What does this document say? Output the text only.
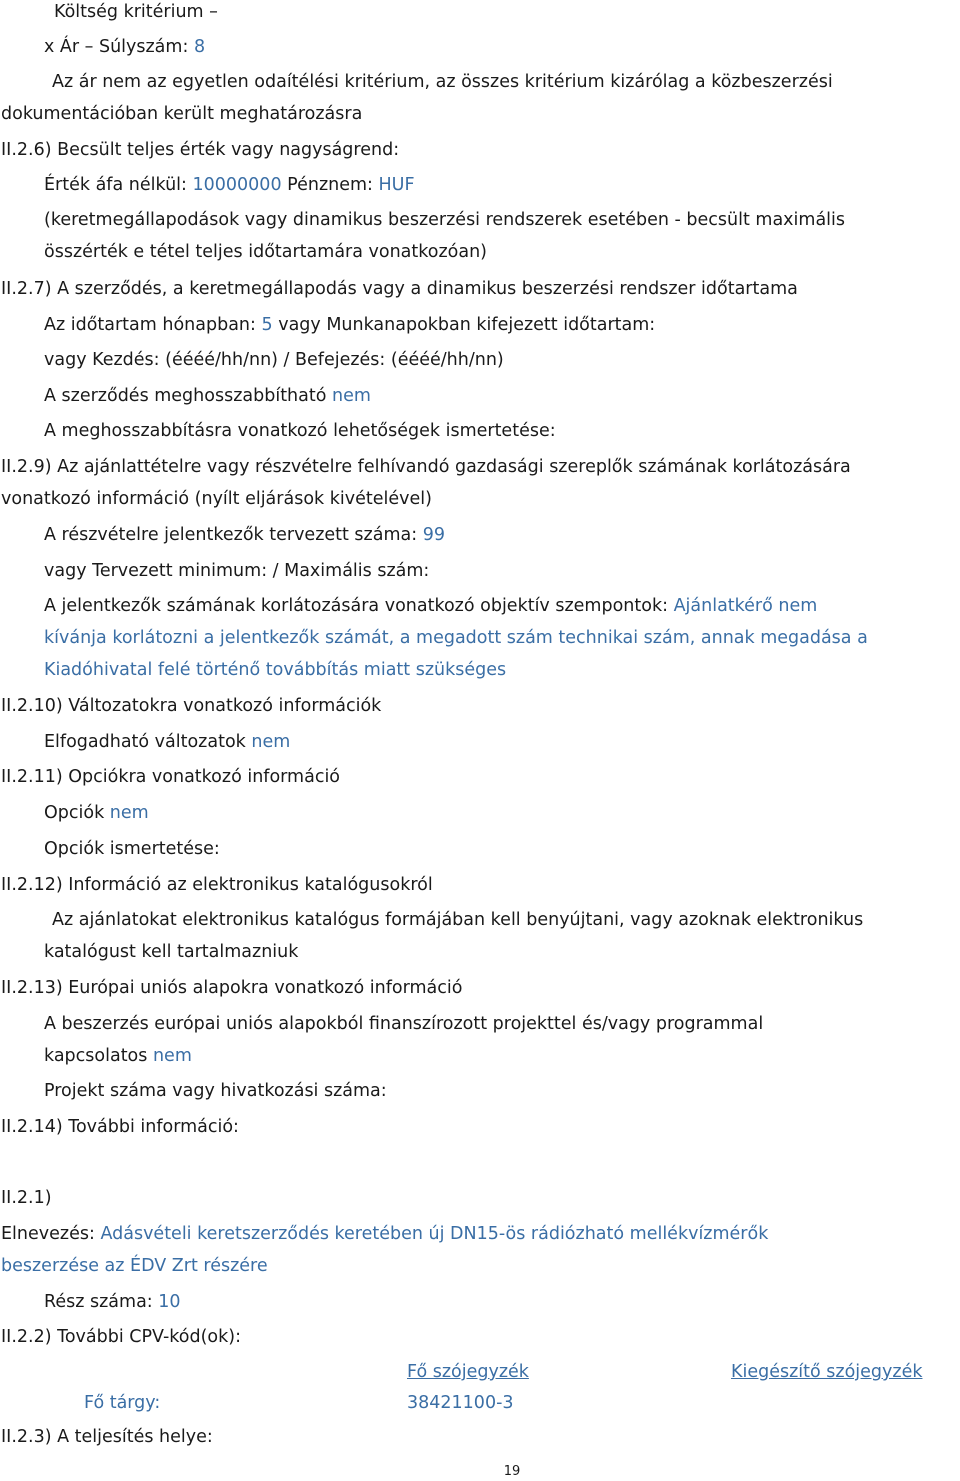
Költség kritérium –
x Ár – Súlyszám: 8
Az ár nem az egyetlen odaítélési kritérium, az összes kritérium kizárólag a közbeszerzési
dokumentációban került meghatározásra
II.2.6) Becsült teljes érték vagy nagyságrend:
Érték áfa nélkül: 10000000 Pénznem: HUF
(keretmegállapodások vagy dinamikus beszerzési rendszerek esetében - becsült maximális
összérték e tétel teljes időtartamára vonatkozóan)
II.2.7) A szerződés, a keretmegállapodás vagy a dinamikus beszerzési rendszer időtartama
Az időtartam hónapban: 5 vagy Munkanapokban kifejezett időtartam:
vagy Kezdés: (éééé/hh/nn) / Befejezés: (éééé/hh/nn)
A szerződés meghosszabbítható nem
A meghosszabbításra vonatkozó lehetőségek ismertetése:
II.2.9) Az ajánlattételre vagy részvételre felhívandó gazdasági szereplők számának korlátozására
vonatkozó információ (nyílt eljárások kivételével)
A részvételre jelentkezők tervezett száma: 99
vagy Tervezett minimum: / Maximális szám:
A jelentkezők számának korlátozására vonatkozó objektív szempontok: Ajánlatkérő nem
kívánja korlátozni a jelentkezők számát, a megadott szám technikai szám, annak megadása a
Kiadóhivatal felé történő továbbítás miatt szükséges
II.2.10) Változatokra vonatkozó információk
Elfogadható változatok nem
II.2.11) Opciókra vonatkozó információ
Opciók nem
Opciók ismertetése:
II.2.12) Információ az elektronikus katalógusokról
Az ajánlatokat elektronikus katalógus formájában kell benyújtani, vagy azoknak elektronikus
katalógust kell tartalmazniuk
II.2.13) Európai uniós alapokra vonatkozó információ
A beszerzés európai uniós alapokból finanszírozott projekttel és/vagy programmal
kapcsolatos nem
Projekt száma vagy hivatkozási száma:
II.2.14) További információ:
II.2.1)
Elnevezés: Adásvételi keretszerződés keretében új DN15-ös rádiózható mellékvízmérők
beszerzése az ÉDV Zrt részére
Rész száma: 10
II.2.2) További CPV-kód(ok):
Fő szójegyzék	Kiegészítő szójegyzék
Fő tárgy:	38421100-3
II.2.3) A teljesítés helye:
19
